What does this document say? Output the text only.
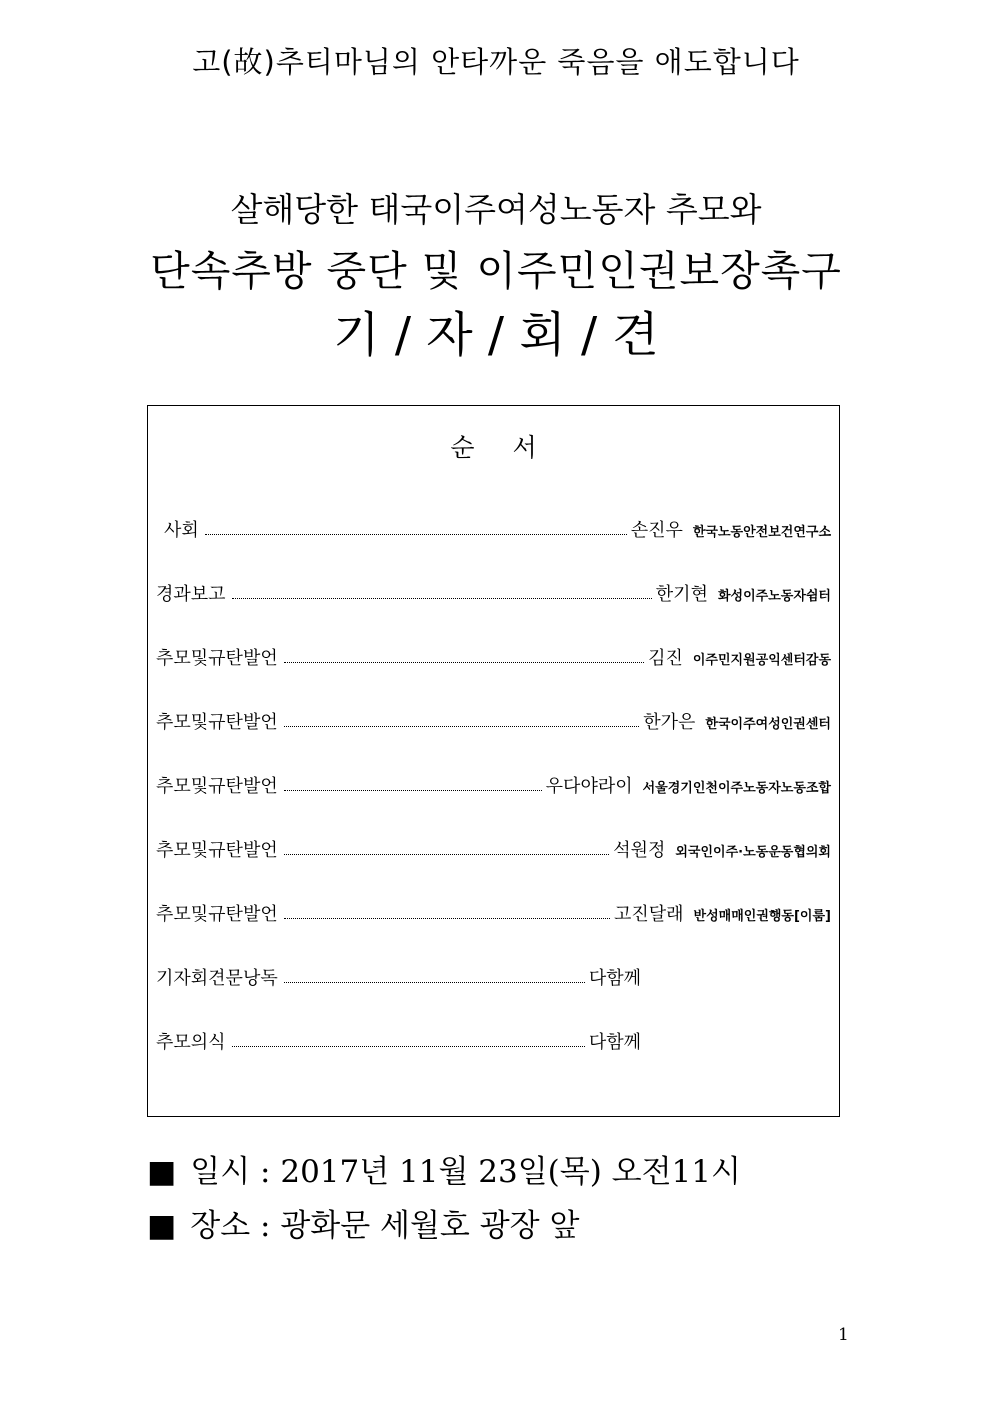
고(故)추티마님의 안타까운 죽음을 애도합니다
살해당한 태국이주여성노동자 추모와
단속추방 중단 및 이주민인권보장촉구
기 / 자 / 회 / 견
순 서
사회	손진우 한국노동안전보건연구소
경과보고	한기현 화성이주노동자쉼터
추모및규탄발언	김진 이주민지원공익센터감동
추모및규탄발언	한가은 한국이주여성인권센터
추모및규탄발언	우다야라이 서울경기인천이주노동자노동조합
추모및규탄발언	석원정 외국인이주·노동운동협의회
추모및규탄발언	고진달래 반성매매인권행동[이룸]
기자회견문낭독	다함께
추모의식	다함께
■ 일시 : 2017년 11월 23일(목) 오전11시
■ 장소 : 광화문 세월호 광장 앞
1
